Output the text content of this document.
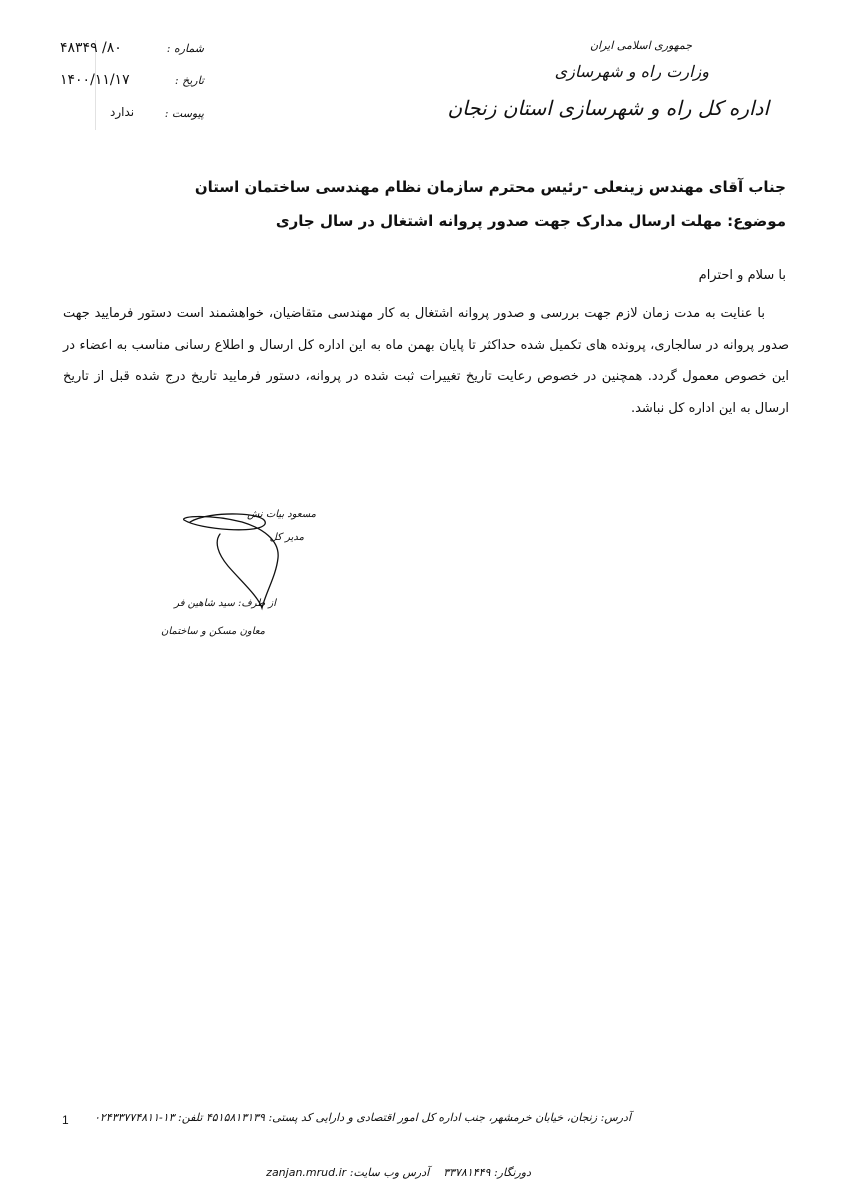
جمهوری اسلامی ایران
وزارت راه و شهرسازی
اداره کل راه و شهرسازی استان زنجان
شماره :
۸۰/ ۴۸۳۴۹
تاریخ :
۱۴۰۰/۱۱/۱۷
پیوست :
ندارد
جناب آقای مهندس زینعلی -رئیس محترم سازمان نظام مهندسی ساختمان استان
موضوع: مهلت ارسال مدارک جهت صدور پروانه اشتغال در سال جاری
با سلام و احترام
با عنایت به مدت زمان لازم جهت بررسی و صدور پروانه اشتغال به کار مهندسی متقاضیان، خواهشمند است دستور فرمایید جهت صدور پروانه در سالجاری، پرونده های تکمیل شده حداکثر تا پایان بهمن ماه به این اداره کل ارسال و اطلاع رسانی مناسب به اعضاء در این خصوص معمول گردد. همچنین در خصوص رعایت تاریخ تغییرات ثبت شده در پروانه، دستور فرمایید تاریخ درج شده قبل از تاریخ ارسال به این اداره کل نباشد.
مسعود بیات نش
مدیر کل
از طرف: سید شاهین فر
معاون مسکن و ساختمان
1 آدرس: زنجان، خیابان خرمشهر، جنب اداره کل امور اقتصادی و دارایی کد پستی: ۴۵۱۵۸۱۳۱۳۹ تلفن: ۱۳-۰۲۴۳۳۷۷۴۸۱۱
دورنگار: ۳۳۷۸۱۴۴۹    آدرس وب سایت: zanjan.mrud.ir
